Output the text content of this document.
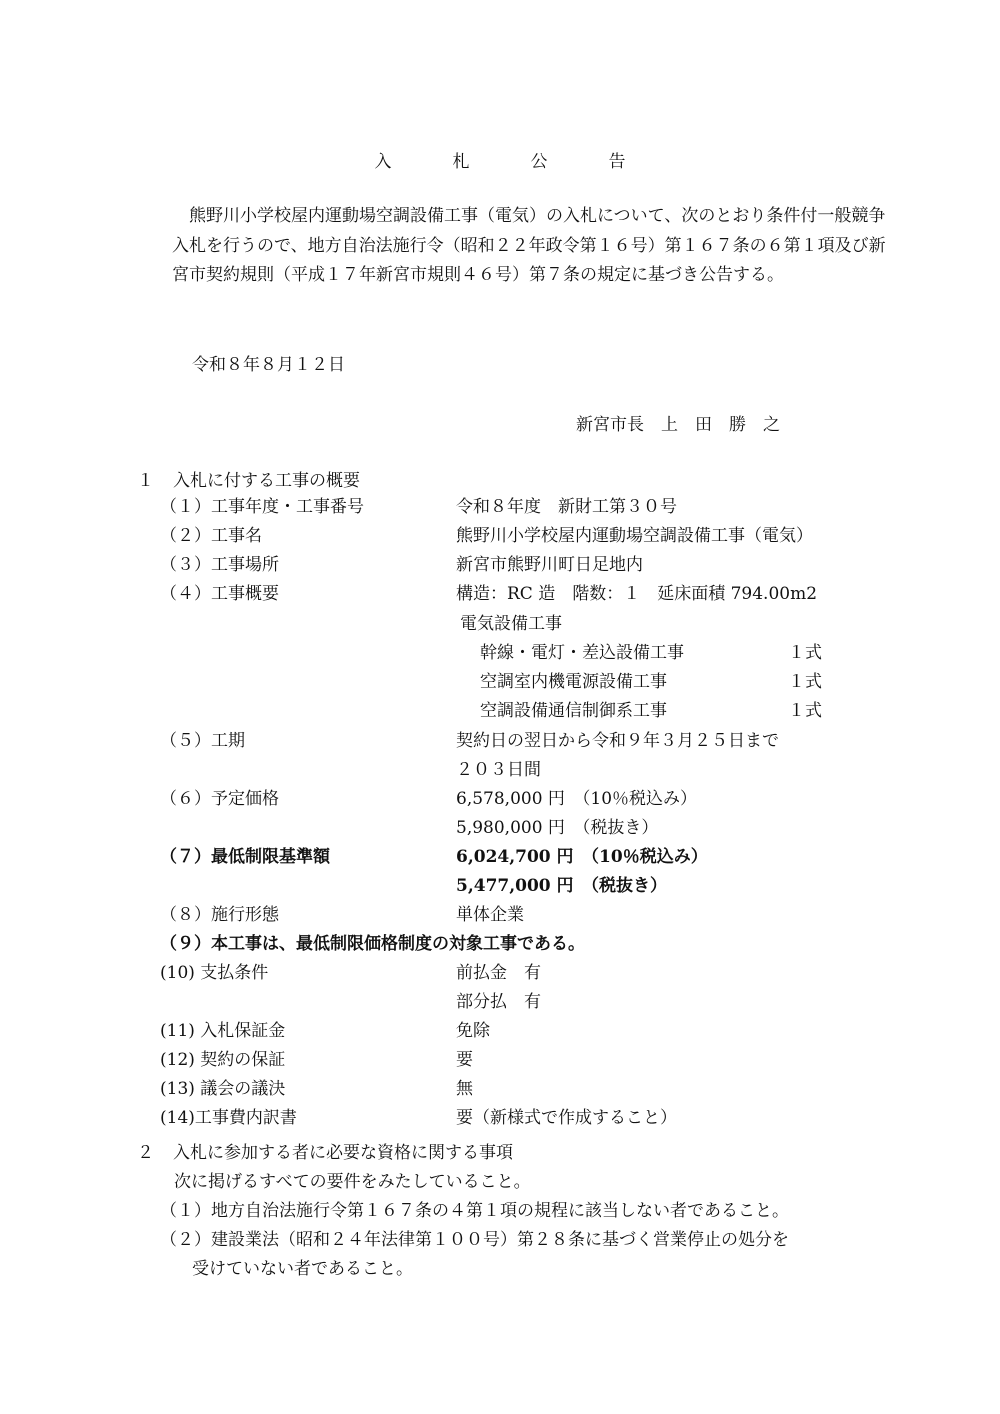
入　札　公　告
熊野川小学校屋内運動場空調設備工事（電気）の入札について、次のとおり条件付一般競争入札を行うので、地方自治法施行令（昭和２２年政令第１６号）第１６７条の６第１項及び新宮市契約規則（平成１７年新宮市規則４６号）第７条の規定に基づき公告する。
令和８年８月１２日
新宮市長　上　田　勝　之
１ 入札に付する工事の概要
（１）工事年度・工事番号	令和８年度　新財工第３０号
（２）工事名	熊野川小学校屋内運動場空調設備工事（電気）
（３）工事場所	新宮市熊野川町日足地内
（４）工事概要	構造：RC 造　階数：１　延床面積 794.00m2
電気設備工事
幹線・電灯・差込設備工事	１式
空調室内機電源設備工事	１式
空調設備通信制御系工事	１式
（５）工期	契約日の翌日から令和９年３月２５日まで
２０３日間
（６）予定価格	6,578,000 円　（10％税込み）
5,980,000 円　（税抜き）
（７）最低制限基準額	6,024,700 円　（10％税込み）
5,477,000 円　（税抜き）
（８）施行形態	単体企業
（９）本工事は、最低制限価格制度の対象工事である。
(10) 支払条件	前払金　有
部分払　有
(11) 入札保証金	免除
(12) 契約の保証	要
(13) 議会の議決	無
(14)工事費内訳書	要（新様式で作成すること）
２ 入札に参加する者に必要な資格に関する事項
次に掲げるすべての要件をみたしていること。
（１）地方自治法施行令第１６７条の４第１項の規程に該当しない者であること。
（２）建設業法（昭和２４年法律第１００号）第２８条に基づく営業停止の処分を
受けていない者であること。
